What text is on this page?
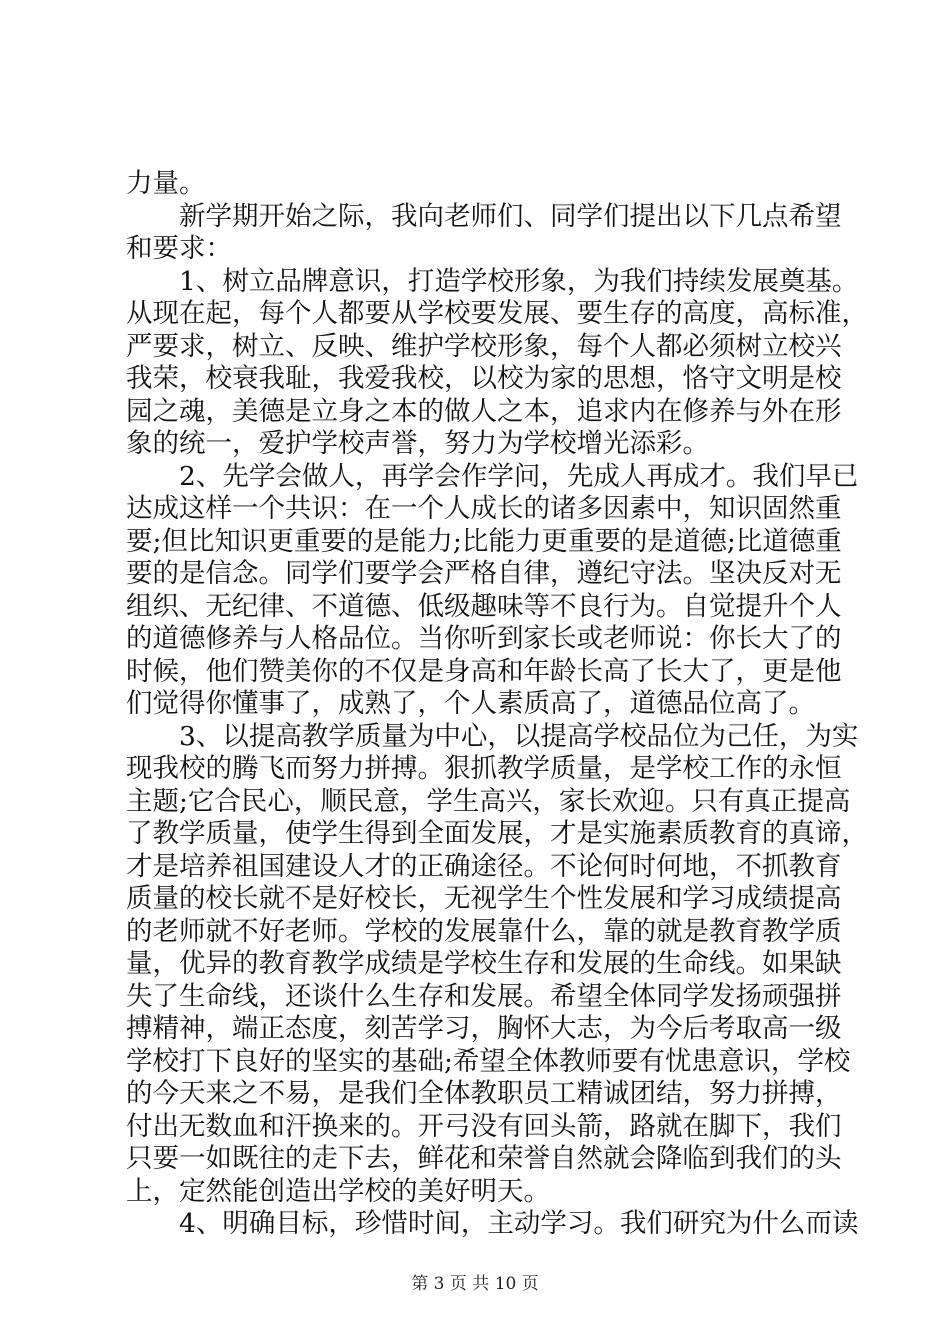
力量。
新学期开始之际，我向老师们、同学们提出以下几点希望
和要求：
1、树立品牌意识，打造学校形象，为我们持续发展奠基。
从现在起，每个人都要从学校要发展、要生存的高度，高标准，
严要求，树立、反映、维护学校形象，每个人都必须树立校兴
我荣，校衰我耻，我爱我校，以校为家的思想，恪守文明是校
园之魂，美德是立身之本的做人之本，追求内在修养与外在形
象的统一，爱护学校声誉，努力为学校增光添彩。
2、先学会做人，再学会作学问，先成人再成才。我们早已
达成这样一个共识：在一个人成长的诸多因素中，知识固然重
要;但比知识更重要的是能力;比能力更重要的是道德;比道德重
要的是信念。同学们要学会严格自律，遵纪守法。坚决反对无
组织、无纪律、不道德、低级趣味等不良行为。自觉提升个人
的道德修养与人格品位。当你听到家长或老师说：你长大了的
时候，他们赞美你的不仅是身高和年龄长高了长大了，更是他
们觉得你懂事了，成熟了，个人素质高了，道德品位高了。
3、以提高教学质量为中心，以提高学校品位为己任，为实
现我校的腾飞而努力拼搏。狠抓教学质量，是学校工作的永恒
主题;它合民心，顺民意，学生高兴，家长欢迎。只有真正提高
了教学质量，使学生得到全面发展，才是实施素质教育的真谛，
才是培养祖国建设人才的正确途径。不论何时何地，不抓教育
质量的校长就不是好校长，无视学生个性发展和学习成绩提高
的老师就不好老师。学校的发展靠什么，靠的就是教育教学质
量，优异的教育教学成绩是学校生存和发展的生命线。如果缺
失了生命线，还谈什么生存和发展。希望全体同学发扬顽强拼
搏精神，端正态度，刻苦学习，胸怀大志，为今后考取高一级
学校打下良好的坚实的基础;希望全体教师要有忧患意识，学校
的今天来之不易，是我们全体教职员工精诚团结，努力拼搏，
付出无数血和汗换来的。开弓没有回头箭，路就在脚下，我们
只要一如既往的走下去，鲜花和荣誉自然就会降临到我们的头
上，定然能创造出学校的美好明天。
4、明确目标，珍惜时间，主动学习。我们研究为什么而读
第 3 页 共 10 页
